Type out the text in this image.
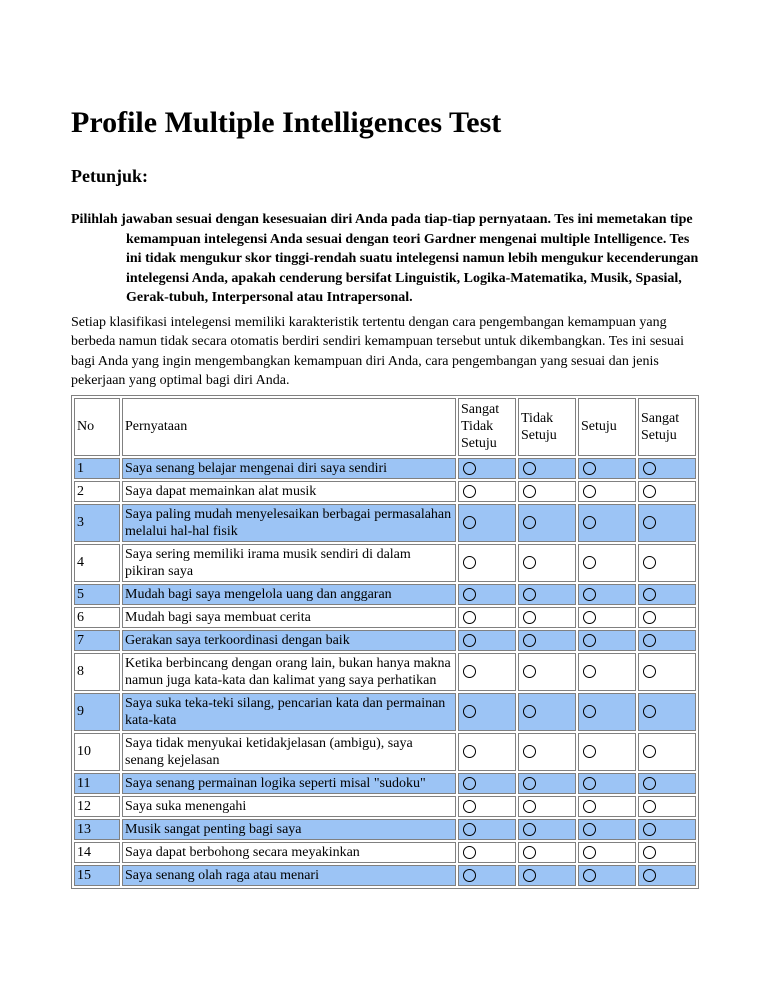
Profile Multiple Intelligences Test
Petunjuk:
Pilihlah jawaban sesuai dengan kesesuaian diri Anda pada tiap-tiap pernyataan. Tes ini memetakan tipe kemampuan intelegensi Anda sesuai dengan teori Gardner mengenai multiple Intelligence. Tes ini tidak mengukur skor tinggi-rendah suatu intelegensi namun lebih mengukur kecenderungan intelegensi Anda, apakah cenderung bersifat Linguistik, Logika-Matematika, Musik, Spasial, Gerak-tubuh, Interpersonal atau Intrapersonal.
Setiap klasifikasi intelegensi memiliki karakteristik tertentu dengan cara pengembangan kemampuan yang berbeda namun tidak secara otomatis berdiri sendiri kemampuan tersebut untuk dikembangkan. Tes ini sesuai bagi Anda yang ingin mengembangkan kemampuan diri Anda, cara pengembangan yang sesuai dan jenis pekerjaan yang optimal bagi diri Anda.
No	Pernyataan	Sangat Tidak Setuju	Tidak Setuju	Setuju	Sangat Setuju
1	Saya senang belajar mengenai diri saya sendiri				
2	Saya dapat memainkan alat musik				
3	Saya paling mudah menyelesaikan berbagai permasalahan melalui hal-hal fisik				
4	Saya sering memiliki irama musik sendiri di dalam pikiran saya				
5	Mudah bagi saya mengelola uang dan anggaran				
6	Mudah bagi saya membuat cerita				
7	Gerakan saya terkoordinasi dengan baik				
8	Ketika berbincang dengan orang lain, bukan hanya makna namun juga kata-kata dan kalimat yang saya perhatikan				
9	Saya suka teka-teki silang, pencarian kata dan permainan kata-kata				
10	Saya tidak menyukai ketidakjelasan (ambigu), saya senang kejelasan				
11	Saya senang permainan logika seperti misal "sudoku"				
12	Saya suka menengahi				
13	Musik sangat penting bagi saya				
14	Saya dapat berbohong secara meyakinkan				
15	Saya senang olah raga atau menari				
